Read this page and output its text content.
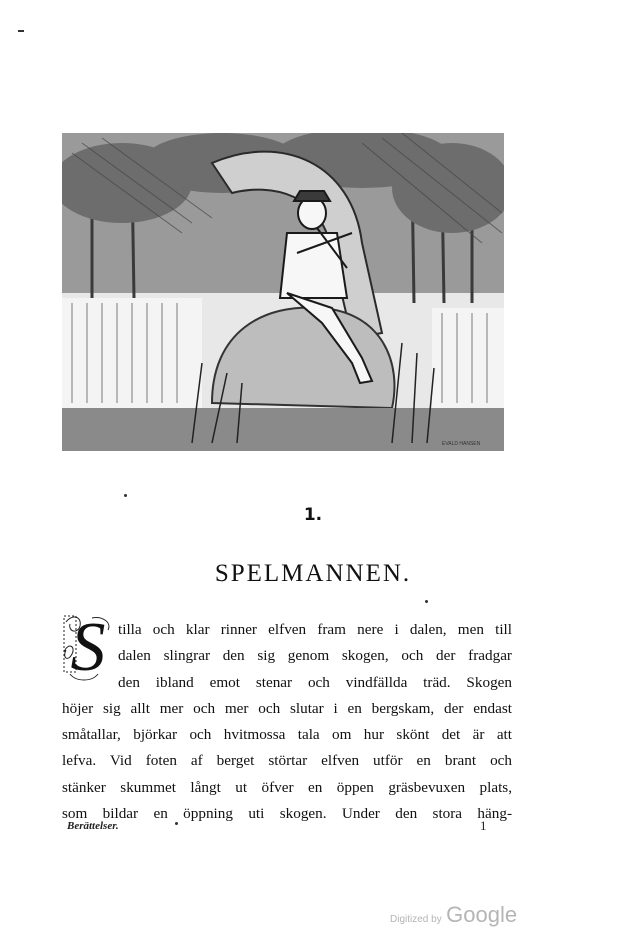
EVALD HANSEN
1.
SPELMANNEN.
S tilla och klar rinner elfven fram nere i dalen, men till
dalen slingrar den sig genom skogen, och der fradgar
den ibland emot stenar och vindfällda träd. Skogen
höjer sig allt mer och mer och slutar i en bergskam, der endast
småtallar, björkar och hvitmossa tala om hur skönt det är att
lefva. Vid foten af berget störtar elfven utför en brant och
stänker skummet långt ut öfver en öppen gräsbevuxen plats,
som bildar en öppning uti skogen. Under den stora häng-
Berättelser.	1
Digitized by Google
